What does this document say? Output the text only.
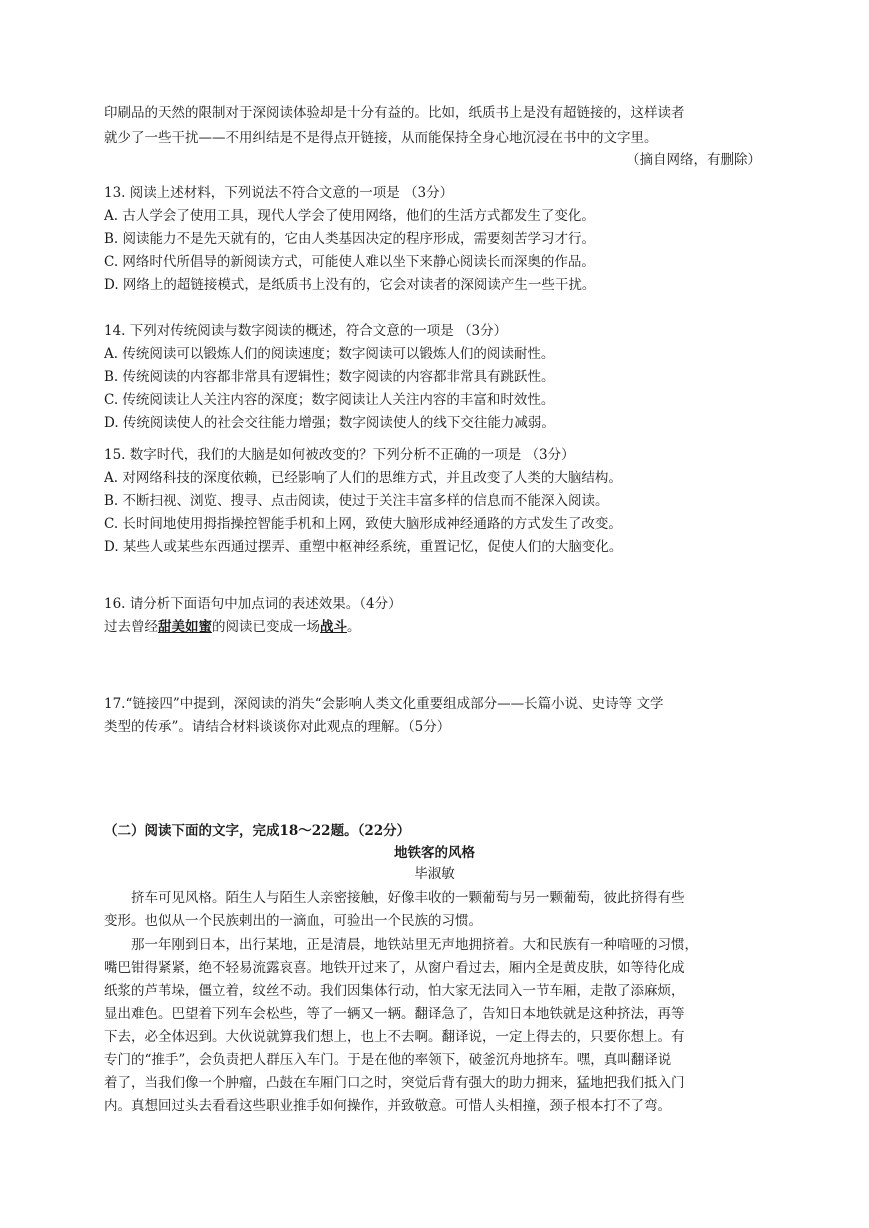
印刷品的天然的限制对于深阅读体验却是十分有益的。比如，纸质书上是没有超链接的，这样读者
就少了一些干扰——不用纠结是不是得点开链接，从而能保持全身心地沉浸在书中的文字里。
（摘自网络，有删除）
13. 阅读上述材料，下列说法不符合文意的一项是 （3分）
A. 古人学会了使用工具，现代人学会了使用网络，他们的生活方式都发生了变化。
B. 阅读能力不是先天就有的，它由人类基因决定的程序形成，需要刻苦学习才行。
C. 网络时代所倡导的新阅读方式，可能使人难以坐下来静心阅读长而深奥的作品。
D. 网络上的超链接模式，是纸质书上没有的，它会对读者的深阅读产生一些干扰。
14. 下列对传统阅读与数字阅读的概述，符合文意的一项是 （3分）
A. 传统阅读可以锻炼人们的阅读速度；数字阅读可以锻炼人们的阅读耐性。
B. 传统阅读的内容都非常具有逻辑性；数字阅读的内容都非常具有跳跃性。
C. 传统阅读让人关注内容的深度；数字阅读让人关注内容的丰富和时效性。
D. 传统阅读使人的社会交往能力增强；数字阅读使人的线下交往能力减弱。
15. 数字时代，我们的大脑是如何被改变的？下列分析不正确的一项是 （3分）
A. 对网络科技的深度依赖，已经影响了人们的思维方式，并且改变了人类的大脑结构。
B. 不断扫视、浏览、搜寻、点击阅读，使过于关注丰富多样的信息而不能深入阅读。
C. 长时间地使用拇指操控智能手机和上网，致使大脑形成神经通路的方式发生了改变。
D. 某些人或某些东西通过摆弄、重塑中枢神经系统，重置记忆，促使人们的大脑变化。
16. 请分析下面语句中加点词的表述效果。（4分）
过去曾经甜美如蜜的阅读已变成一场战斗。
17.“链接四”中提到，深阅读的消失“会影响人类文化重要组成部分——长篇小说、史诗等 文学
类型的传承”。请结合材料谈谈你对此观点的理解。（5分）
（二）阅读下面的文字，完成18～22题。（22分）
地铁客的风格
毕淑敏
挤车可见风格。陌生人与陌生人亲密接触，好像丰收的一颗葡萄与另一颗葡萄，彼此挤得有些
变形。也似从一个民族剌出的一滴血，可验出一个民族的习惯。
那一年刚到日本，出行某地，正是清晨，地铁站里无声地拥挤着。大和民族有一种喑哑的习惯，
嘴巴钳得紧紧，绝不轻易流露哀喜。地铁开过来了，从窗户看过去，厢内全是黄皮肤，如等待化成
纸浆的芦苇垛，僵立着，纹丝不动。我们因集体行动，怕大家无法同入一节车厢，走散了添麻烦，
显出难色。巴望着下列车会松些，等了一辆又一辆。翻译急了，告知日本地铁就是这种挤法，再等
下去，必全体迟到。大伙说就算我们想上，也上不去啊。翻译说，一定上得去的，只要你想上。有
专门的“推手”，会负责把人群压入车门。于是在他的率领下，破釜沉舟地挤车。嘿，真叫翻译说
着了，当我们像一个肿瘤，凸鼓在车厢门口之时，突觉后背有强大的助力拥来，猛地把我们抵入门
内。真想回过头去看看这些职业推手如何操作，并致敬意。可惜人头相撞，颈子根本打不了弯。
